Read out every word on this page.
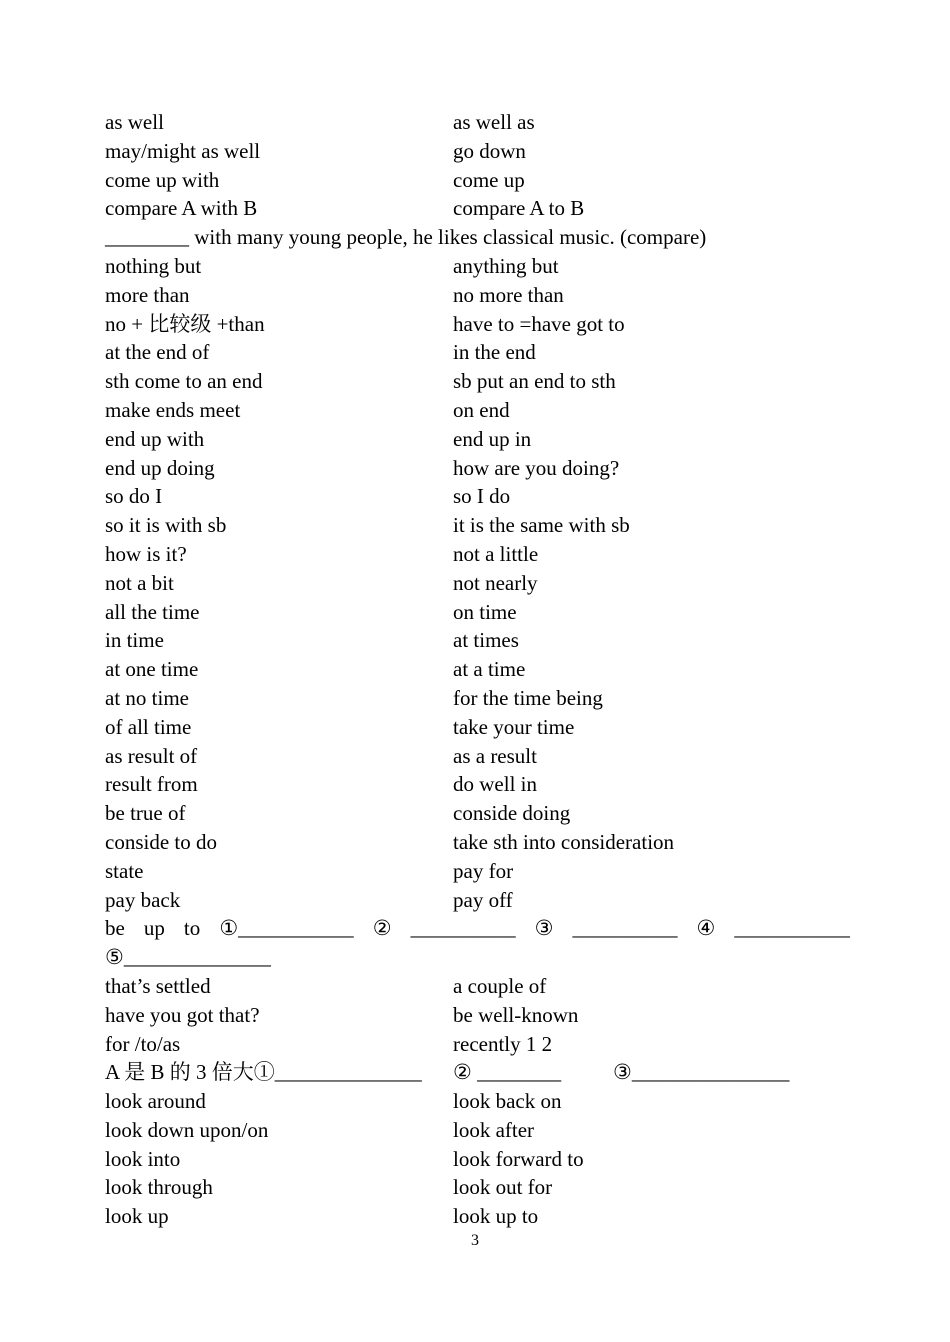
as well	as well as
may/might as well	go down
come up with	come up
compare A with B	compare A to B
________ with many young people, he likes classical music. (compare)
nothing but	anything but
more than	no more than
no + 比较级 +than	have to =have got to
at the end of	in the end
sth come to an end	sb put an end to sth
make ends meet	on end
end up with	end up in
end up doing	how are you doing?
so do I	so I do
so it is with sb	it is the same with sb
how is it?	not a little
not a bit	not nearly
all the time	on time
in time	at times
at one time	at a time
at no time	for the time being
of all time	take your time
as result of	as a result
result from	do well in
be true of	conside doing
conside to do	take sth into consideration
state	pay for
pay back	pay off
be up to ①___________ ② __________ ③ __________ ④ ___________
⑤______________
that’s settled	a couple of
have you got that?	be well-known
for /to/as	recently 1 2
A 是 B 的 3 倍大①______________	② ________	③_______________
look around	look back on
look down upon/on	look after
look into	look forward to
look through	look out for
look up	look up to
3
